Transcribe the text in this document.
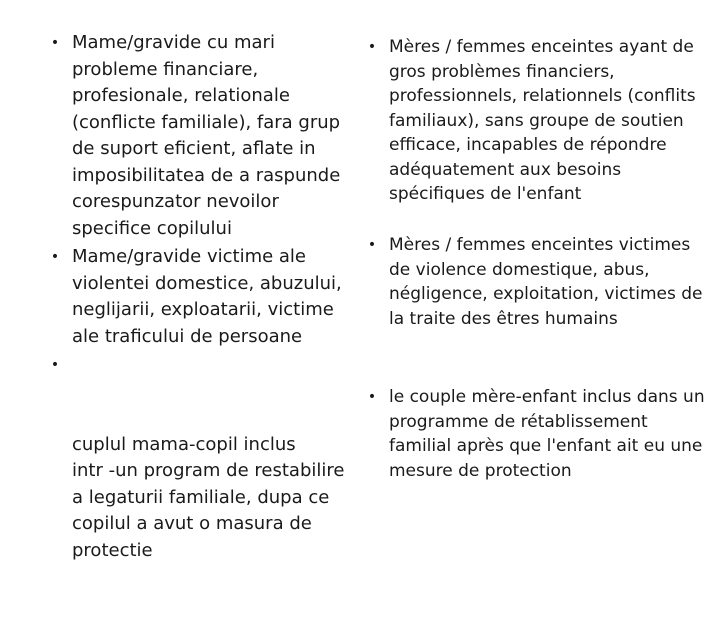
• Mame/gravide cu mari probleme financiare, profesionale, relationale (conflicte familiale), fara grup de suport eficient, aflate in imposibilitatea de a raspunde corespunzator nevoilor specifice copilului
• Mame/gravide victime ale violentei domestice, abuzului, neglijarii, exploatarii, victime ale traficului de persoane

•

cuplul mama-copil inclus    intr -un program de restabilire a legaturii familiale, dupa ce copilul a avut o masura de protectie

• Mères / femmes enceintes ayant de gros problèmes financiers, professionnels, relationnels (conflits familiaux), sans groupe de soutien efficace, incapables de répondre adéquatement aux besoins spécifiques de l'enfant
• Mères / femmes enceintes victimes de violence domestique, abus, négligence, exploitation, victimes de la traite des êtres humains
• le couple mère-enfant inclus dans un programme de rétablissement familial après que l'enfant ait eu une mesure de protection
